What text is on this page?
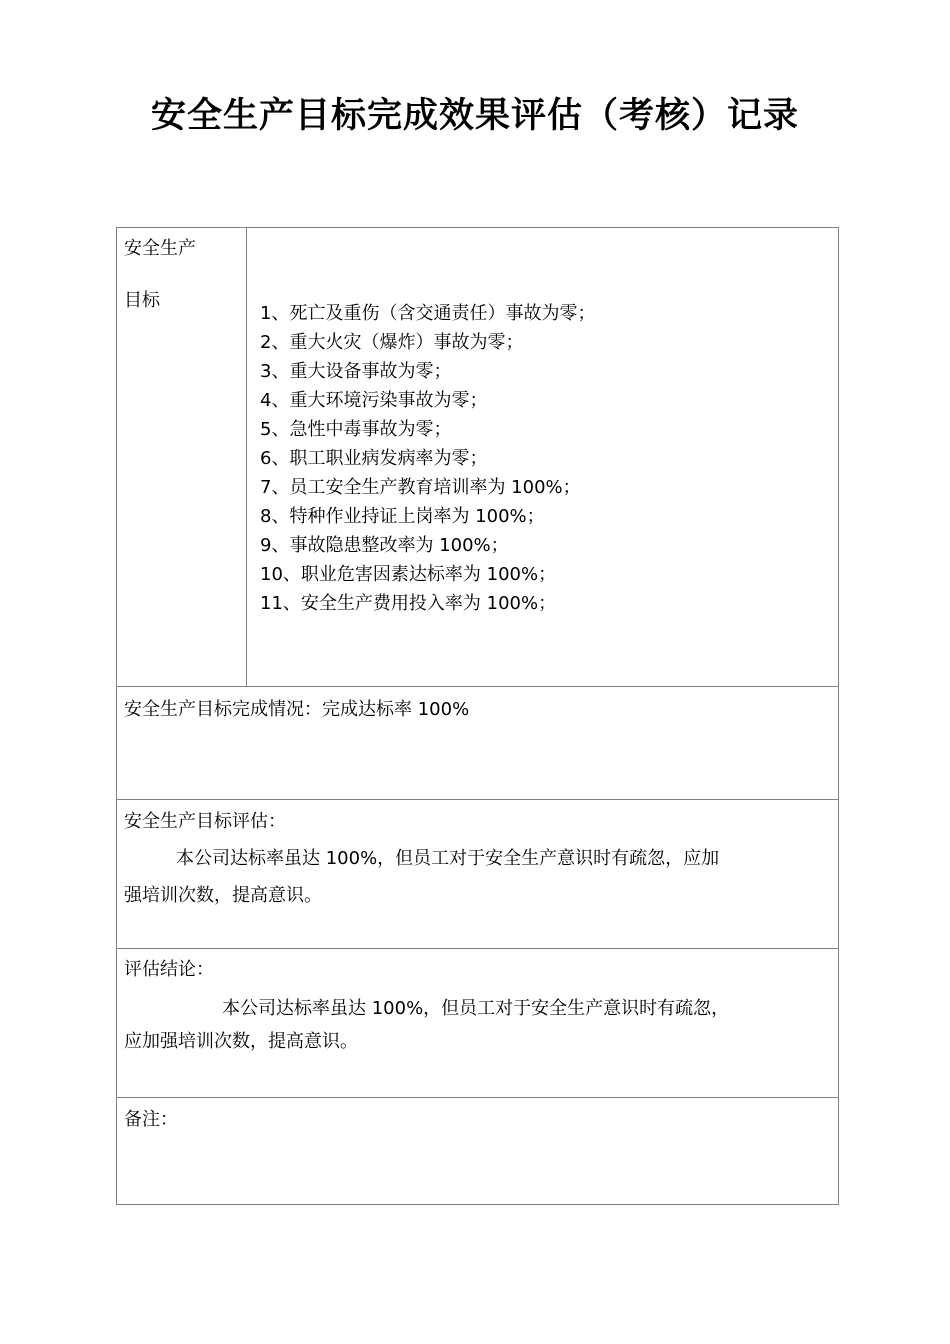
安全生产目标完成效果评估（考核）记录
安全生产
目标
1、死亡及重伤（含交通责任）事故为零；
2、重大火灾（爆炸）事故为零；
3、重大设备事故为零；
4、重大环境污染事故为零；
5、急性中毒事故为零；
6、职工职业病发病率为零；
7、员工安全生产教育培训率为 100%；
8、特种作业持证上岗率为 100%；
9、事故隐患整改率为 100%；
10、职业危害因素达标率为 100%；
11、安全生产费用投入率为 100%；
安全生产目标完成情况：完成达标率 100%
安全生产目标评估：
本公司达标率虽达 100%，但员工对于安全生产意识时有疏忽，应加
强培训次数，提高意识。
评估结论：
本公司达标率虽达 100%，但员工对于安全生产意识时有疏忽，
应加强培训次数，提高意识。
备注：
